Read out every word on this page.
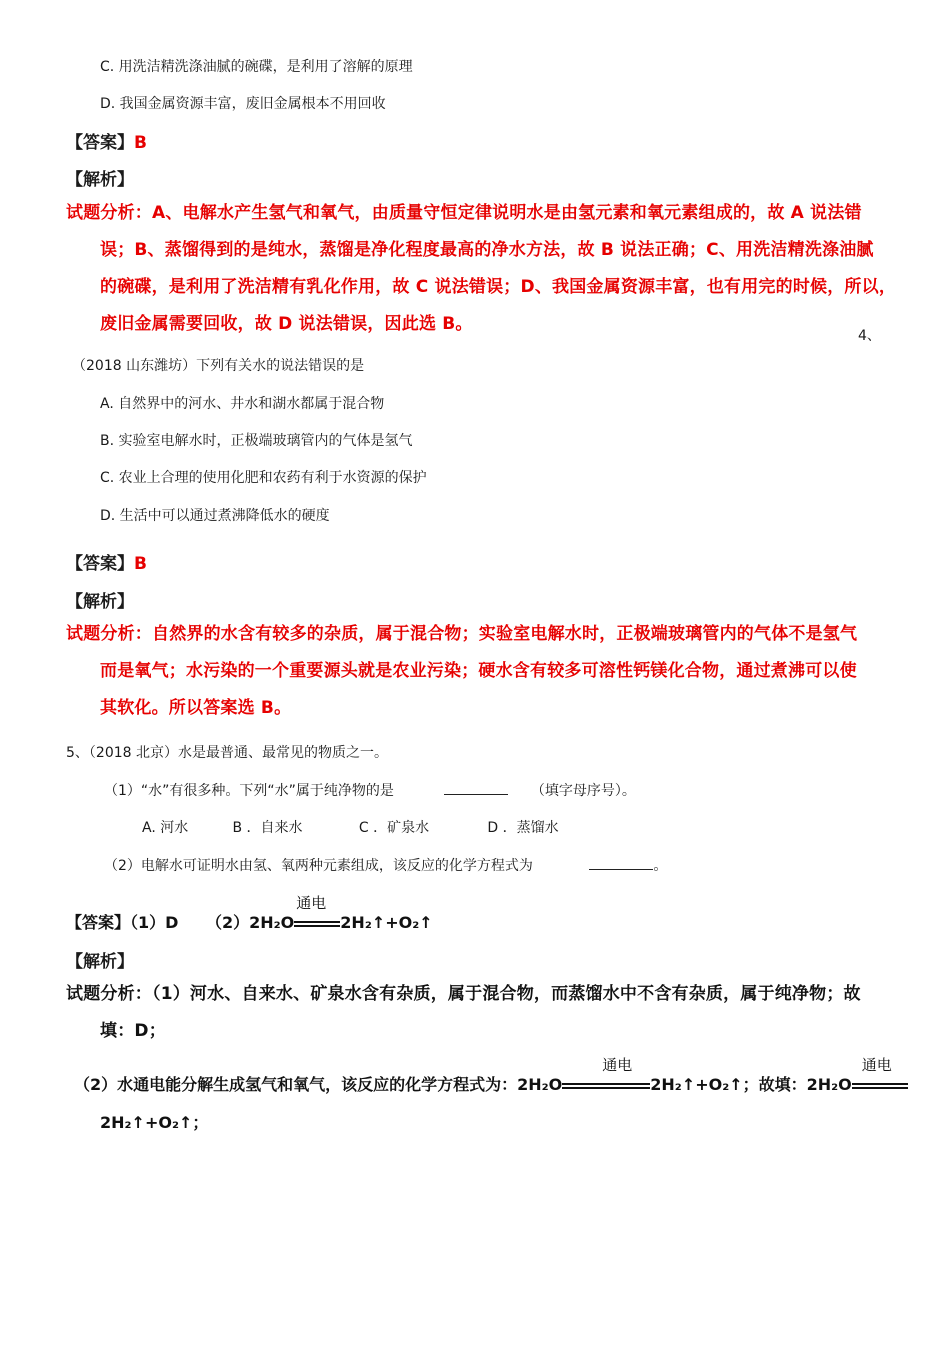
C. 用洗洁精洗涤油腻的碗碟，是利用了溶解的原理
D. 我国金属资源丰富，废旧金属根本不用回收
【答案】B
【解析】
试题分析：A、电解水产生氢气和氧气，由质量守恒定律说明水是由氢元素和氧元素组成的，故 A 说法错
误；B、蒸馏得到的是纯水，蒸馏是净化程度最高的净水方法，故 B 说法正确；C、用洗洁精洗涤油腻
的碗碟，是利用了洗洁精有乳化作用，故 C 说法错误；D、我国金属资源丰富，也有用完的时候，所以，
废旧金属需要回收，故 D 说法错误，因此选 B。
4、
（2018 山东潍坊）下列有关水的说法错误的是
A. 自然界中的河水、井水和湖水都属于混合物
B. 实验室电解水时，正极端玻璃管内的气体是氢气
C. 农业上合理的使用化肥和农药有利于水资源的保护
D. 生活中可以通过煮沸降低水的硬度
【答案】B
【解析】
试题分析：自然界的水含有较多的杂质，属于混合物；实验室电解水时，正极端玻璃管内的气体不是氢气
而是氧气；水污染的一个重要源头就是农业污染；硬水含有较多可溶性钙镁化合物，通过煮沸可以使
其软化。所以答案选 B。
5、（2018 北京）水是最普通、最常见的物质之一。
（1）“水”有很多种。下列“水”属于纯净物的是	（填字母序号）。
A. 河水	B ．自来水	C ．矿泉水	D ．蒸馏水
（2）电解水可证明水由氢、氧两种元素组成，该反应的化学方程式为	。
【答案】（1）D （2）2H₂O
通电
2H₂↑+O₂↑
【解析】
试题分析：（1）河水、自来水、矿泉水含有杂质，属于混合物，而蒸馏水中不含有杂质，属于纯净物；故
填：D；
（2）水通电能分解生成氢气和氧气，该反应的化学方程式为：2H₂O
通电
2H₂↑+O₂↑；故填：2H₂O
通电
2H₂↑+O₂↑；
